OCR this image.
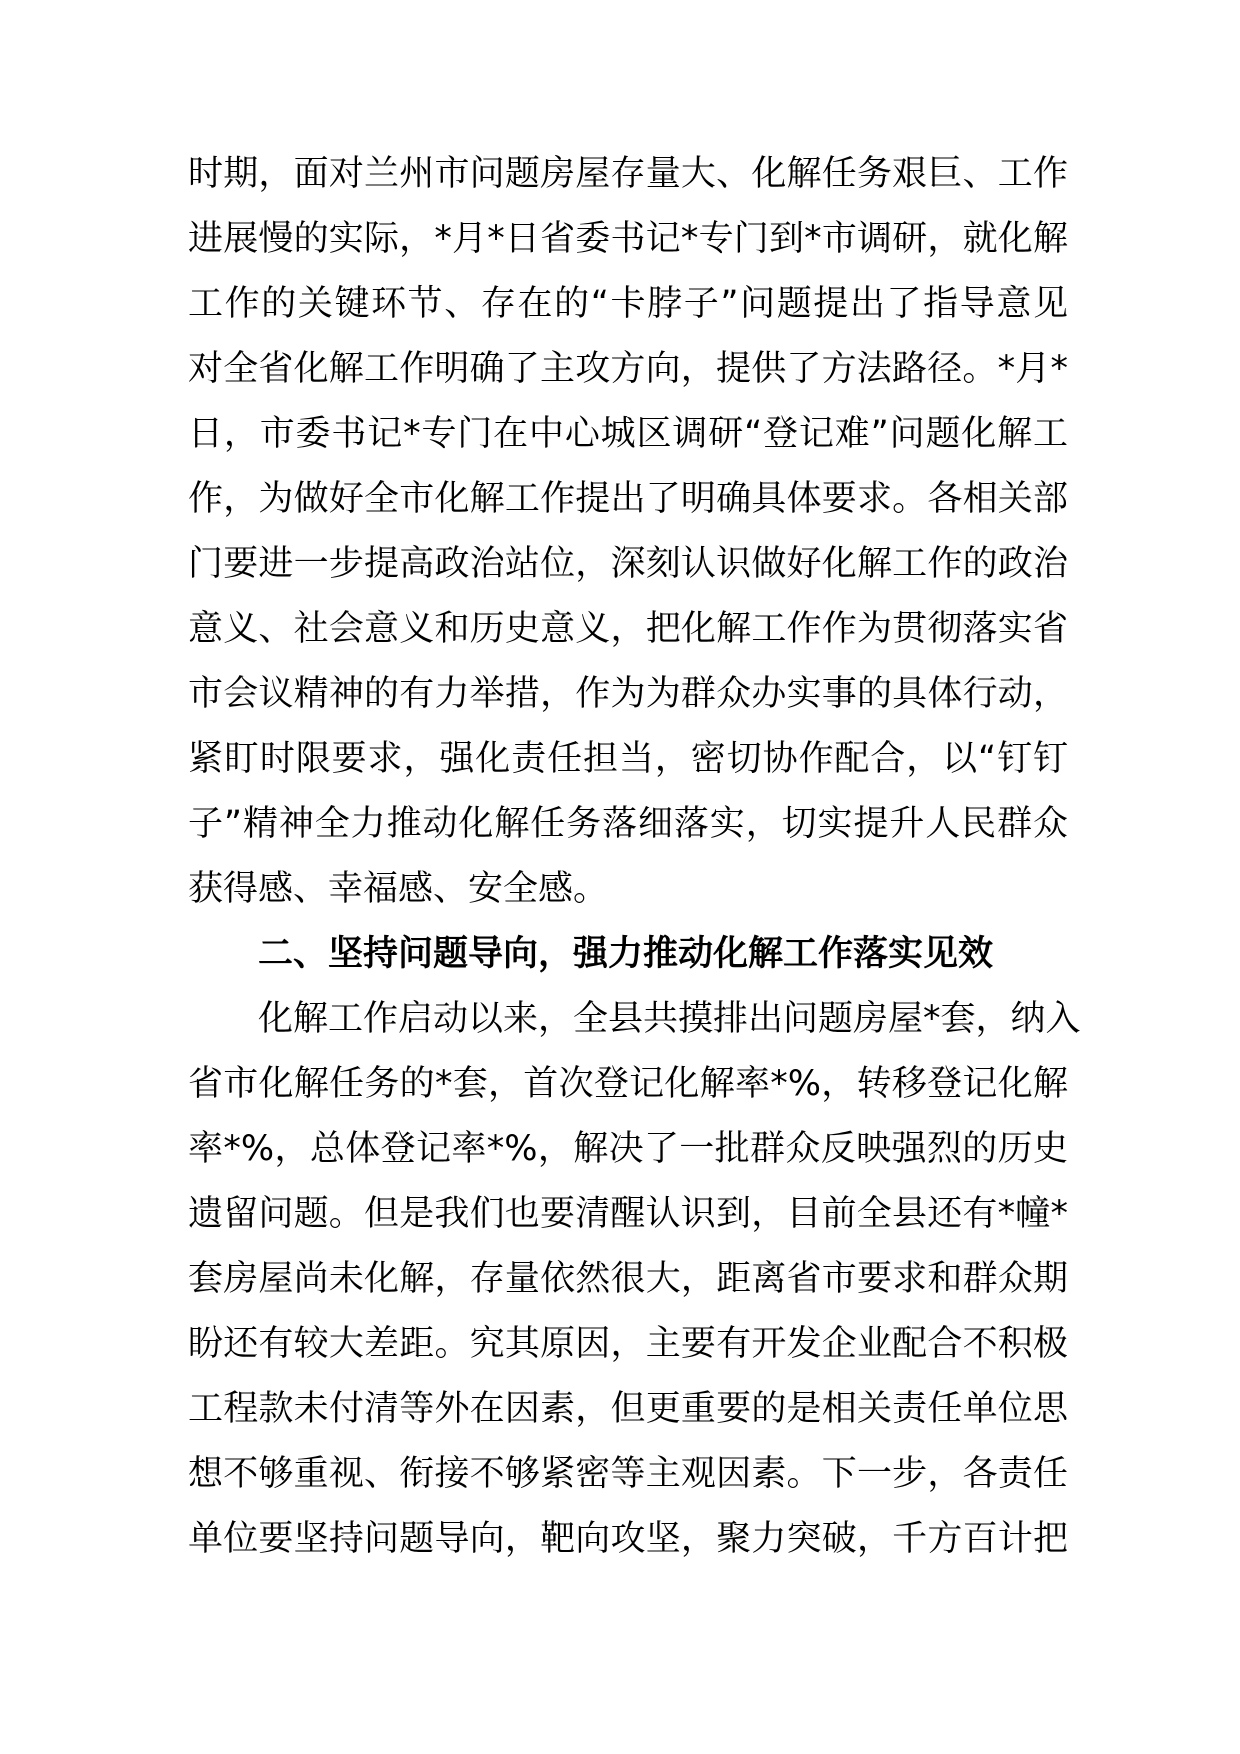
时期，面对兰州市问题房屋存量大、化解任务艰巨、工作
进展慢的实际，*月*日省委书记*专门到*市调研，就化解
工作的关键环节、存在的“卡脖子”问题提出了指导意见
对全省化解工作明确了主攻方向，提供了方法路径。*月*
日，市委书记*专门在中心城区调研“登记难”问题化解工
作，为做好全市化解工作提出了明确具体要求。各相关部
门要进一步提高政治站位，深刻认识做好化解工作的政治
意义、社会意义和历史意义，把化解工作作为贯彻落实省
市会议精神的有力举措，作为为群众办实事的具体行动，
紧盯时限要求，强化责任担当，密切协作配合，以“钉钉
子”精神全力推动化解任务落细落实，切实提升人民群众
获得感、幸福感、安全感。
二、坚持问题导向，强力推动化解工作落实见效
化解工作启动以来，全县共摸排出问题房屋*套，纳入
省市化解任务的*套，首次登记化解率*%，转移登记化解
率*%，总体登记率*%，解决了一批群众反映强烈的历史
遗留问题。但是我们也要清醒认识到，目前全县还有*幢*
套房屋尚未化解，存量依然很大，距离省市要求和群众期
盼还有较大差距。究其原因，主要有开发企业配合不积极
工程款未付清等外在因素，但更重要的是相关责任单位思
想不够重视、衔接不够紧密等主观因素。下一步，各责任
单位要坚持问题导向，靶向攻坚，聚力突破，千方百计把
